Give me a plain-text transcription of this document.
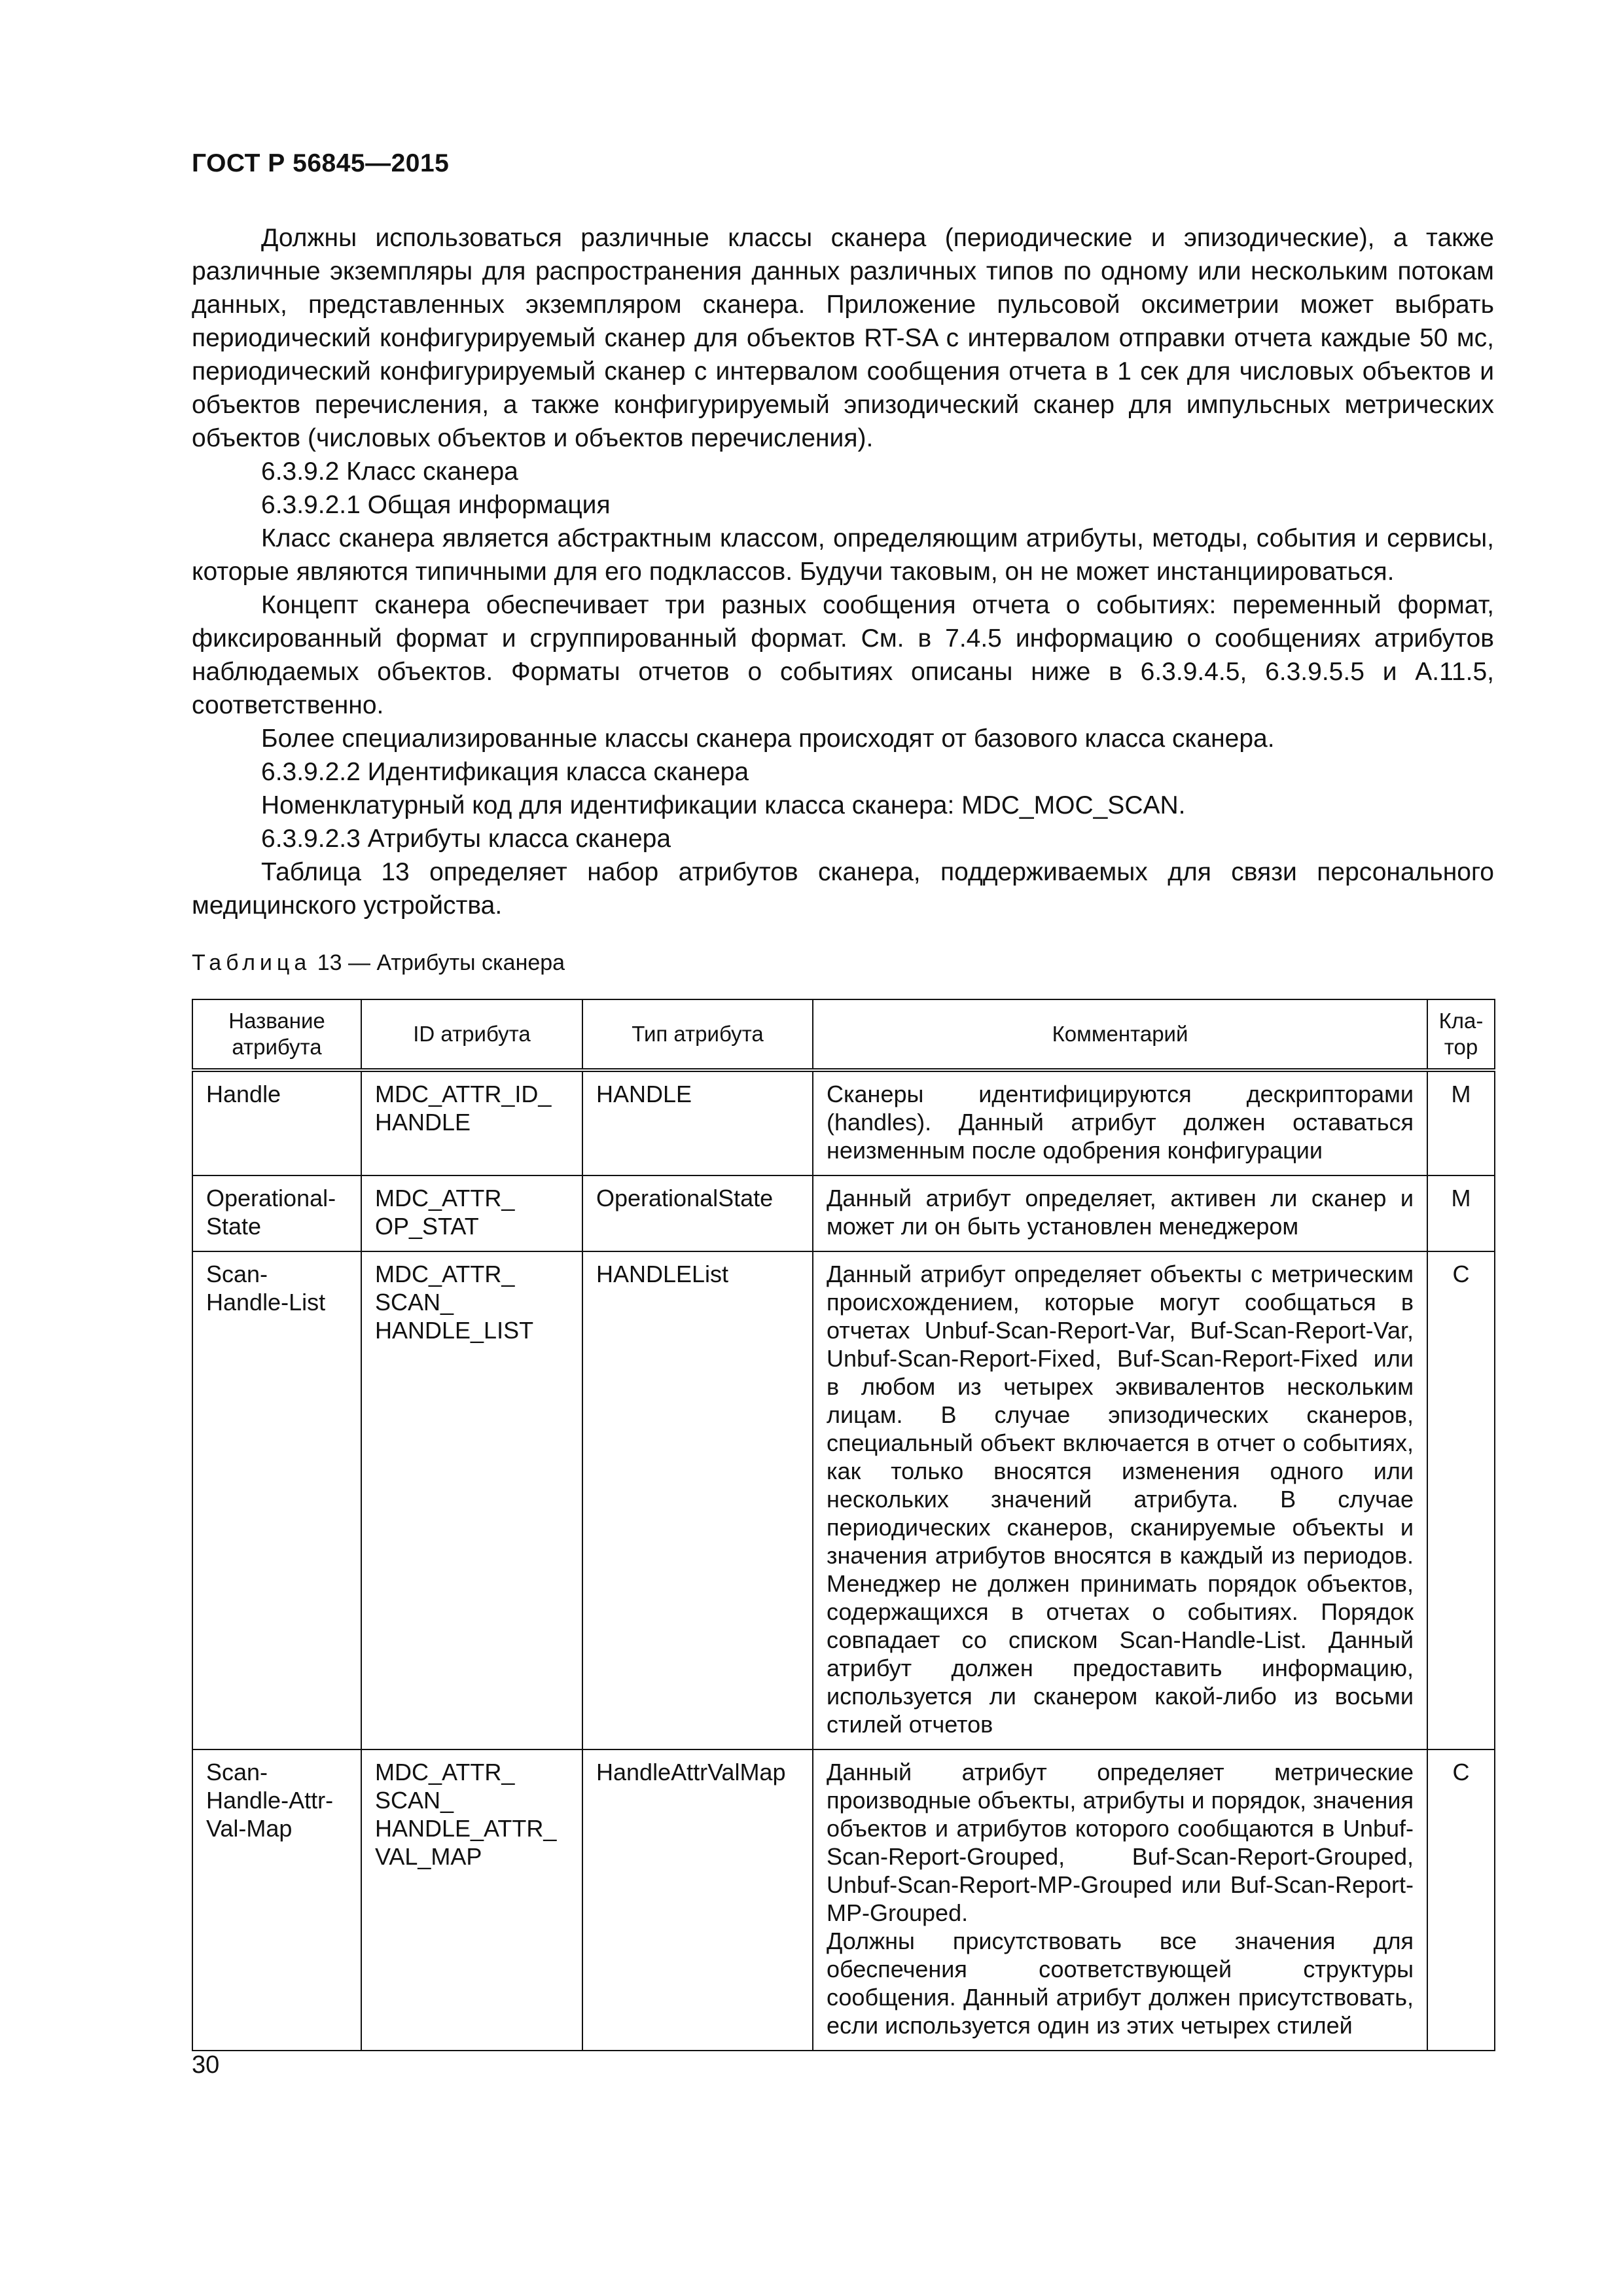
ГОСТ Р 56845—2015

Должны использоваться различные классы сканера (периодические и эпизодические), а также различные экземпляры для распространения данных различных типов по одному или нескольким потокам данных, представленных экземпляром сканера. Приложение пульсовой оксиметрии может выбрать периодический конфигурируемый сканер для объектов RT-SA с интервалом отправки отчета каждые 50 мс, периодический конфигурируемый сканер с интервалом сообщения отчета в 1 сек для числовых объектов и объектов перечисления, а также конфигурируемый эпизодический сканер для импульсных метрических объектов (числовых объектов и объектов перечисления).

6.3.9.2 Класс сканера

6.3.9.2.1 Общая информация

Класс сканера является абстрактным классом, определяющим атрибуты, методы, события и сервисы, которые являются типичными для его подклассов. Будучи таковым, он не может инстанциироваться.

Концепт сканера обеспечивает три разных сообщения отчета о событиях: переменный формат, фиксированный формат и сгруппированный формат. См. в 7.4.5 информацию о сообщениях атрибутов наблюдаемых объектов. Форматы отчетов о событиях описаны ниже в 6.3.9.4.5, 6.3.9.5.5 и А.11.5, соответственно.

Более специализированные классы сканера происходят от базового класса сканера.

6.3.9.2.2 Идентификация класса сканера

Номенклатурный код для идентификации класса сканера: MDC_MOC_SCAN.

6.3.9.2.3 Атрибуты класса сканера

Таблица 13 определяет набор атрибутов сканера, поддерживаемых для связи персонального медицинского устройства.

Таблица 13 — Атрибуты сканера
Название атрибута	ID атрибута	Тип атрибута	Комментарий	Кла-тор
Handle	MDC_ATTR_ID_ HANDLE	HANDLE	Сканеры идентифицируются дескрипторами (handles). Данный атрибут должен оставаться неизменным после одобрения конфигурации	M
Operational-State	MDC_ATTR_ OP_STAT	OperationalState	Данный атрибут определяет, активен ли сканер и может ли он быть установлен менеджером	M
Scan-Handle-List	MDC_ATTR_ SCAN_ HANDLE_LIST	HANDLEList	Данный атрибут определяет объекты с метрическим происхождением, которые могут сообщаться в отчетах Unbuf-Scan-Report-Var, Buf-Scan-Report-Var, Unbuf-Scan-Report-Fixed, Buf-Scan-Report-Fixed или в любом из четырех эквивалентов нескольким лицам. В случае эпизодических сканеров, специальный объект включается в отчет о событиях, как только вносятся изменения одного или нескольких значений атрибута. В случае периодических сканеров, сканируемые объекты и значения атрибутов вносятся в каждый из периодов. Менеджер не должен принимать порядок объектов, содержащихся в отчетах о событиях. Порядок совпадает со списком Scan-Handle-List. Данный атрибут должен предоставить информацию, используется ли сканером какой-либо из восьми стилей отчетов	C
Scan-Handle-Attr-Val-Map	MDC_ATTR_ SCAN_ HANDLE_ATTR_ VAL_MAP	HandleAttrValMap	Данный атрибут определяет метрические производные объекты, атрибуты и порядок, значения объектов и атрибутов которого сообщаются в Unbuf-Scan-Report-Grouped, Buf-Scan-Report-Grouped, Unbuf-Scan-Report-MP-Grouped или Buf-Scan-Report-MP-Grouped.
Должны присутствовать все значения для обеспечения соответствующей структуры сообщения. Данный атрибут должен присутствовать, если используется один из этих четырех стилей	C
30
